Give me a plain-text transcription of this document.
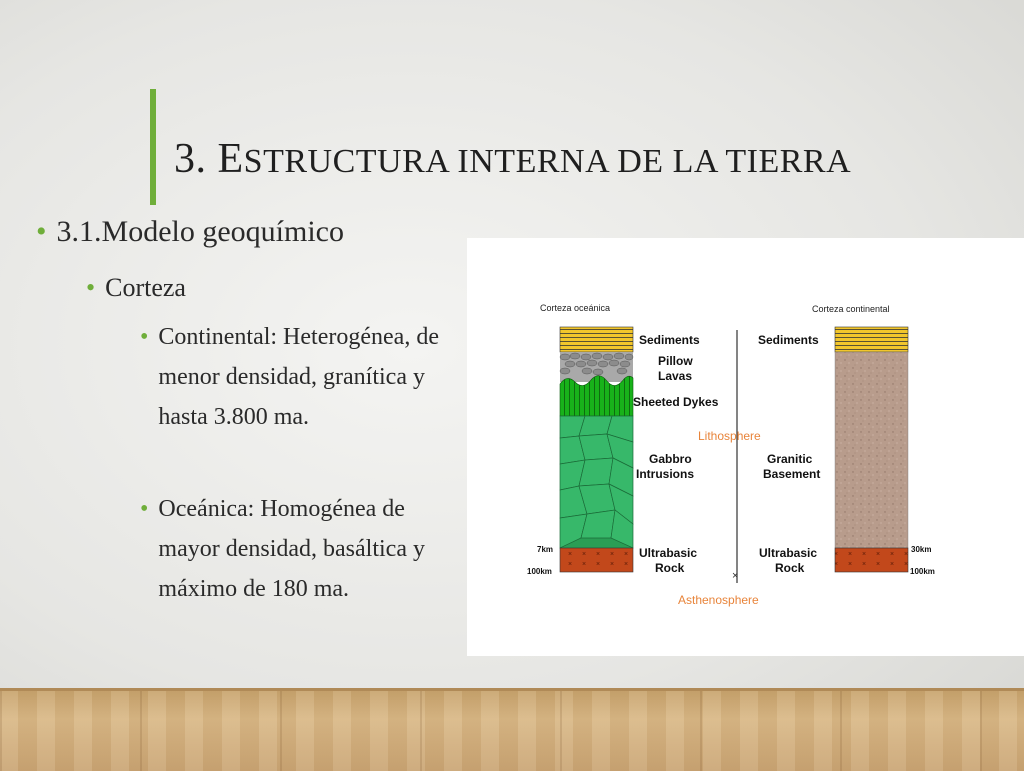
3. ESTRUCTURA INTERNA DE LA TIERRA
• 3.1.Modelo geoquímico
• Corteza
• Continental: Heterogénea, de menor densidad, granítica y hasta 3.800 ma.
• Oceánica: Homogénea de mayor densidad, basáltica y máximo de 180 ma.
Corteza oceánica	Corteza continental
×
Sediments
Pillow
Lavas
Sheeted Dykes
Gabbro
Intrusions
Ultrabasic
Rock
Sediments
Granitic
Basement
Ultrabasic
Rock
Lithosphere
Asthenosphere
7km
100km
30km
100km
